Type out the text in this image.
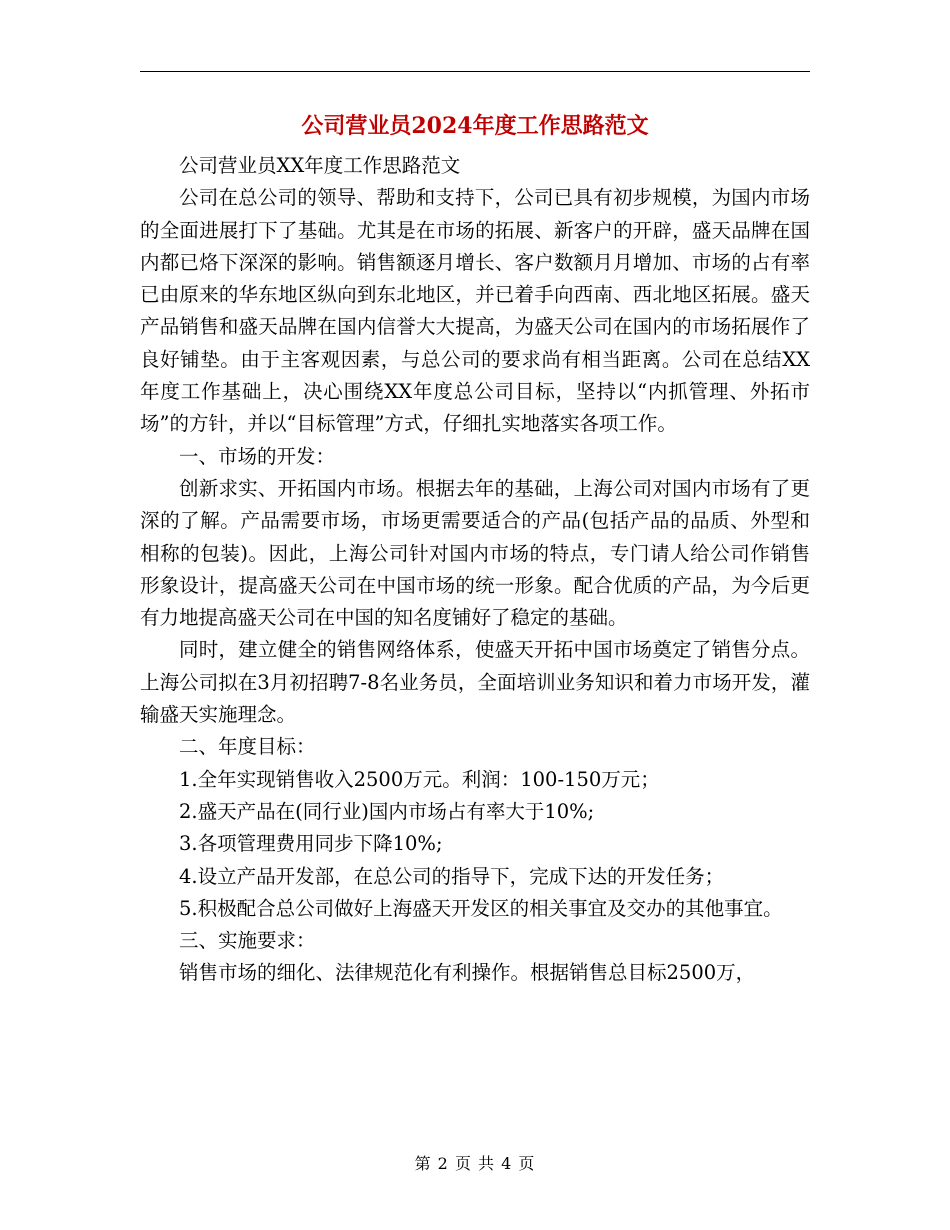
公司营业员2024年度工作思路范文

公司营业员XX年度工作思路范文

公司在总公司的领导、帮助和支持下，公司已具有初步规模，为国内市场的全面进展打下了基础。尤其是在市场的拓展、新客户的开辟，盛天品牌在国内都已烙下深深的影响。销售额逐月增长、客户数额月月增加、市场的占有率已由原来的华东地区纵向到东北地区，并已着手向西南、西北地区拓展。盛天产品销售和盛天品牌在国内信誉大大提高，为盛天公司在国内的市场拓展作了良好铺垫。由于主客观因素，与总公司的要求尚有相当距离。公司在总结XX年度工作基础上，决心围绕XX年度总公司目标，坚持以“内抓管理、外拓市场”的方针，并以“目标管理”方式，仔细扎实地落实各项工作。

一、市场的开发：

创新求实、开拓国内市场。根据去年的基础，上海公司对国内市场有了更深的了解。产品需要市场，市场更需要适合的产品(包括产品的品质、外型和相称的包装)。因此，上海公司针对国内市场的特点，专门请人给公司作销售形象设计，提高盛天公司在中国市场的统一形象。配合优质的产品，为今后更有力地提高盛天公司在中国的知名度铺好了稳定的基础。

同时，建立健全的销售网络体系，使盛天开拓中国市场奠定了销售分点。上海公司拟在3月初招聘7-8名业务员，全面培训业务知识和着力市场开发，灌输盛天实施理念。

二、年度目标：

1.全年实现销售收入2500万元。利润：100-150万元；

2.盛天产品在(同行业)国内市场占有率大于10%;

3.各项管理费用同步下降10%;

4.设立产品开发部，在总公司的指导下，完成下达的开发任务；

5.积极配合总公司做好上海盛天开发区的相关事宜及交办的其他事宜。

三、实施要求：

销售市场的细化、法律规范化有利操作。根据销售总目标2500万，

第 2 页 共 4 页
